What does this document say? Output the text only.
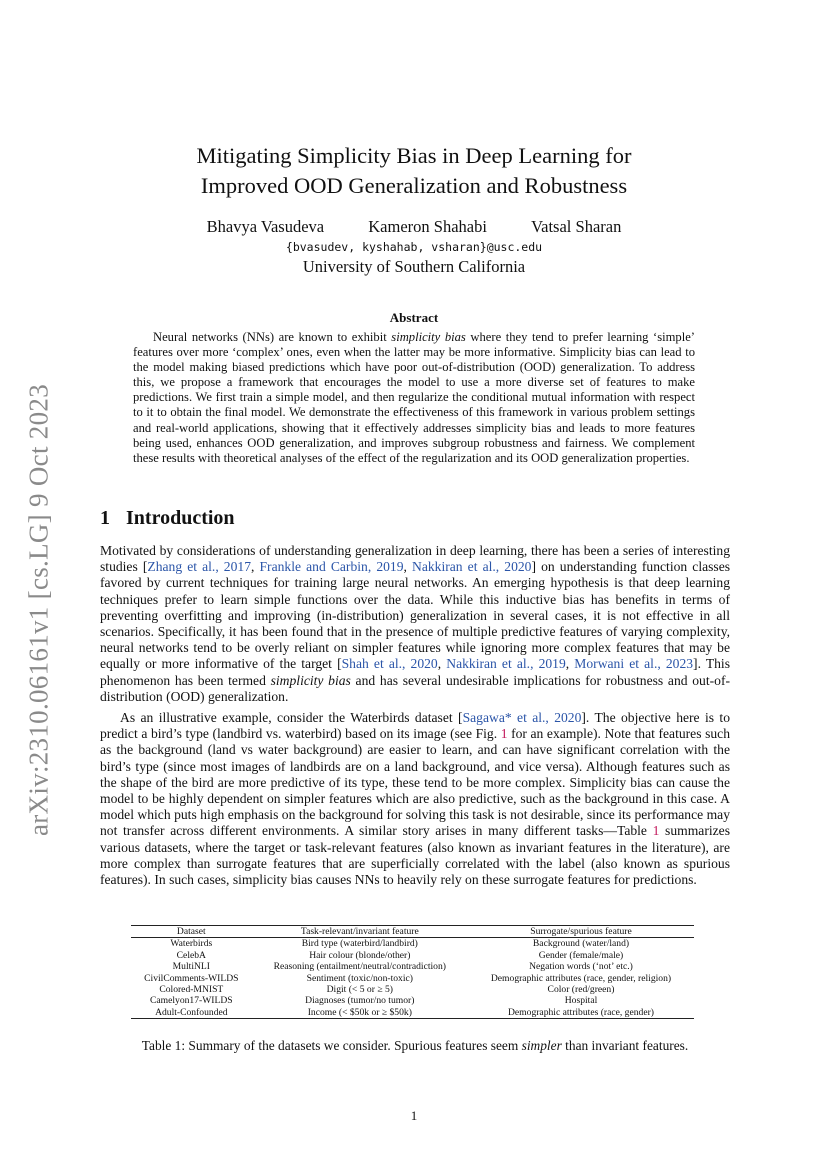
arXiv:2310.06161v1 [cs.LG] 9 Oct 2023
Mitigating Simplicity Bias in Deep Learning for
Improved OOD Generalization and Robustness
Bhavya Vasudeva	Kameron Shahabi	Vatsal Sharan
{bvasudev, kyshahab, vsharan}@usc.edu
University of Southern California
Abstract

Neural networks (NNs) are known to exhibit simplicity bias where they tend to prefer learning ‘simple’ features over more ‘complex’ ones, even when the latter may be more informative. Simplicity bias can lead to the model making biased predictions which have poor out-of-distribution (OOD) generalization. To address this, we propose a framework that encourages the model to use a more diverse set of features to make predictions. We first train a simple model, and then regularize the conditional mutual information with respect to it to obtain the final model. We demonstrate the effectiveness of this framework in various problem settings and real-world applications, showing that it effectively addresses simplicity bias and leads to more features being used, enhances OOD generalization, and improves subgroup robustness and fairness. We complement these results with theoretical analyses of the effect of the regularization and its OOD generalization properties.

1 Introduction

Motivated by considerations of understanding generalization in deep learning, there has been a series of interesting studies [Zhang et al., 2017, Frankle and Carbin, 2019, Nakkiran et al., 2020] on understanding function classes favored by current techniques for training large neural networks. An emerging hypothesis is that deep learning techniques prefer to learn simple functions over the data. While this inductive bias has benefits in terms of preventing overfitting and improving (in-distribution) generalization in several cases, it is not effective in all scenarios. Specifically, it has been found that in the presence of multiple predictive features of varying complexity, neural networks tend to be overly reliant on simpler features while ignoring more complex features that may be equally or more informative of the target [Shah et al., 2020, Nakkiran et al., 2019, Morwani et al., 2023]. This phenomenon has been termed simplicity bias and has several undesirable implications for robustness and out-of-distribution (OOD) generalization.

As an illustrative example, consider the Waterbirds dataset [Sagawa* et al., 2020]. The objective here is to predict a bird’s type (landbird vs. waterbird) based on its image (see Fig. 1 for an example). Note that features such as the background (land vs water background) are easier to learn, and can have significant correlation with the bird’s type (since most images of landbirds are on a land background, and vice versa). Although features such as the shape of the bird are more predictive of its type, these tend to be more complex. Simplicity bias can cause the model to be highly dependent on simpler features which are also predictive, such as the background in this case. A model which puts high emphasis on the background for solving this task is not desirable, since its performance may not transfer across different environments. A similar story arises in many different tasks—Table 1 summarizes various datasets, where the target or task-relevant features (also known as invariant features in the literature), are more complex than surrogate features that are superficially correlated with the label (also known as spurious features). In such cases, simplicity bias causes NNs to heavily rely on these surrogate features for predictions.

Dataset	Task-relevant/invariant feature	Surrogate/spurious feature
Waterbirds	Bird type (waterbird/landbird)	Background (water/land)
CelebA	Hair colour (blonde/other)	Gender (female/male)
MultiNLI	Reasoning (entailment/neutral/contradiction)	Negation words (‘not’ etc.)
CivilComments-WILDS	Sentiment (toxic/non-toxic)	Demographic attributes (race, gender, religion)
Colored-MNIST	Digit (< 5 or ≥ 5)	Color (red/green)
Camelyon17-WILDS	Diagnoses (tumor/no tumor)	Hospital
Adult-Confounded	Income (< $50k or ≥ $50k)	Demographic attributes (race, gender)

Table 1: Summary of the datasets we consider. Spurious features seem simpler than invariant features.

1
